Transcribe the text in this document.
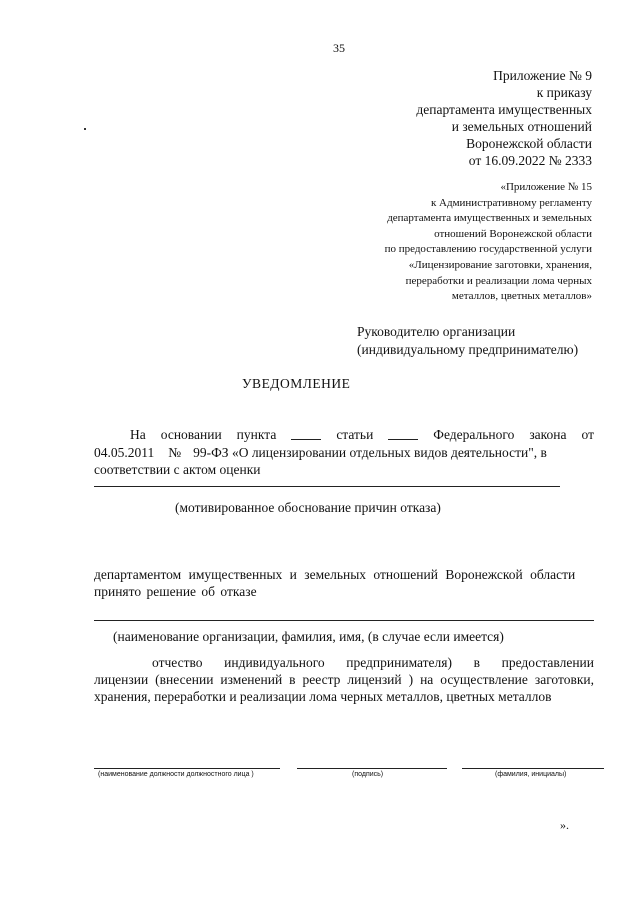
35
Приложение № 9
к приказу
департамента имущественных
и земельных отношений
Воронежской области
от 16.09.2022 № 2333
«Приложение № 15
к Административному регламенту
департамента имущественных и земельных
отношений Воронежской области
по предоставлению государственной услуги
«Лицензирование заготовки, хранения,
переработки и реализации лома черных
металлов, цветных металлов»
Руководителю организации
(индивидуальному предпринимателю)
УВЕДОМЛЕНИЕ
На основании пункта	статьи	Федерального закона от
04.05.2011 № 99-ФЗ «О лицензировании отдельных видов деятельности", в
соответствии с актом оценки
(мотивированное обоснование причин отказа)
департаментом имущественных и земельных отношений Воронежской области
принято решение об отказе
(наименование организации, фамилия, имя, (в случае если имеется)
отчество индивидуального предпринимателя) в предоставлении
лицензии (внесении изменений в реестр лицензий ) на осуществление заготовки,
хранения, переработки и реализации лома черных металлов, цветных металлов
(наименование должности должностного лица )	(подпись)	(фамилия, инициалы)
».
